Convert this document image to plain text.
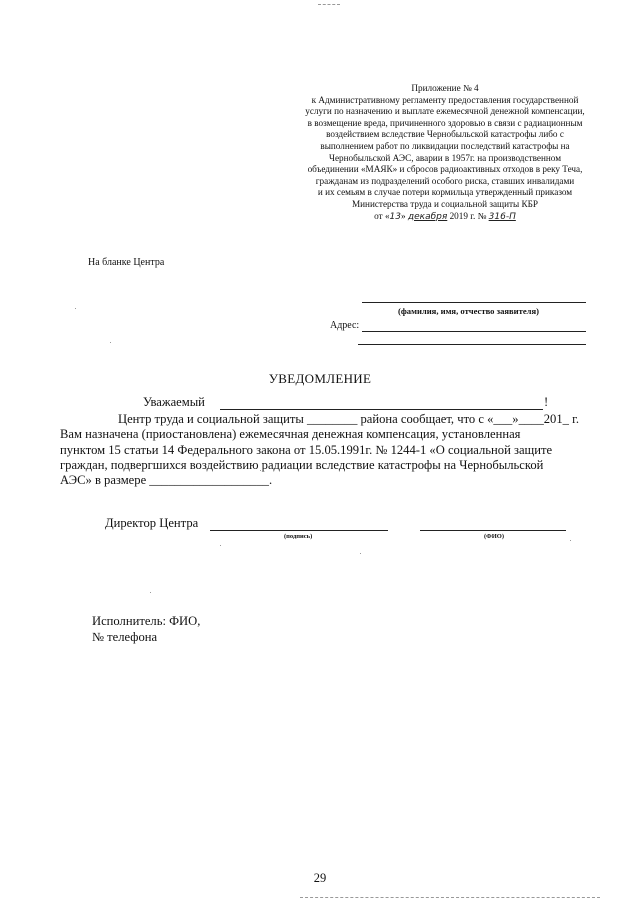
Приложение № 4
к Административному регламенту предоставления государственной
услуги по назначению и выплате ежемесячной денежной компенсации,
в возмещение вреда, причиненного здоровью в связи с радиационным
воздействием вследствие Чернобыльской катастрофы либо с
выполнением работ по ликвидации последствий катастрофы на
Чернобыльской АЭС, аварии в 1957г. на производственном
объединении «МАЯК» и сбросов радиоактивных отходов в реку Теча,
гражданам из подразделений особого риска, ставших инвалидами
и их семьям в случае потери кормильца утвержденный приказом
Министерства труда и социальной защиты КБР
от «13» декабря 2019 г. № 316-П
На бланке Центра
(фамилия, имя, отчество заявителя)
Адрес:
УВЕДОМЛЕНИЕ
Уважаемый	!
Центр труда и социальной защиты ________ района сообщает, что с «___»____201_ г.
Вам назначена (приостановлена) ежемесячная денежная компенсация, установленная
пунктом 15 статьи 14 Федерального закона от 15.05.1991г. № 1244-1 «О социальной защите
граждан, подвергшихся воздействию радиации вследствие катастрофы на Чернобыльской
АЭС» в размере ___________________.
Директор Центра
(подпись)	(ФИО)
Исполнитель: ФИО,
№ телефона
29
